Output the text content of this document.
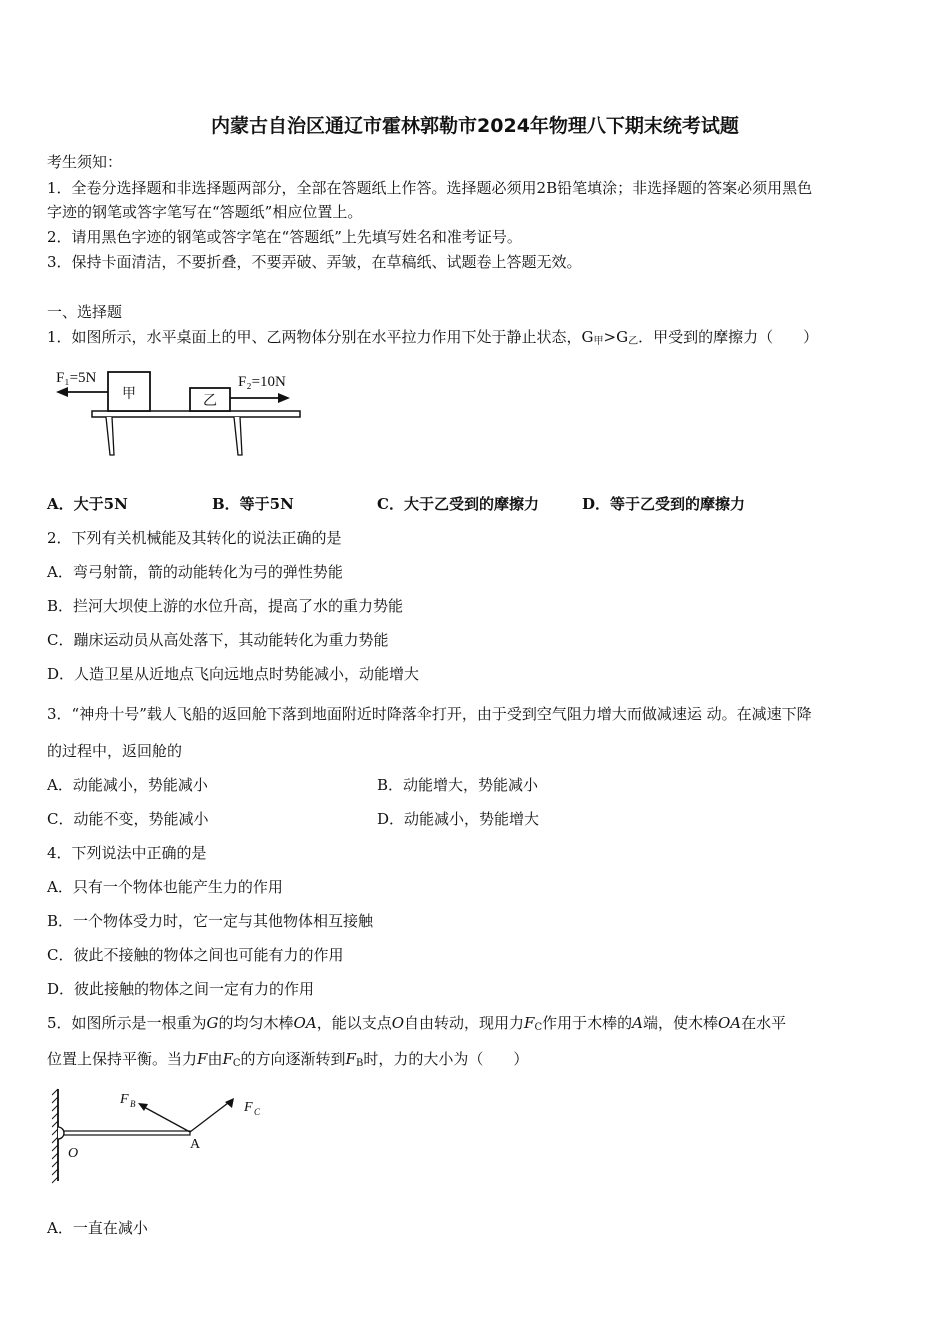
内蒙古自治区通辽市霍林郭勒市2024年物理八下期末统考试题
考生须知：
1．全卷分选择题和非选择题两部分，全部在答题纸上作答。选择题必须用2B铅笔填涂；非选择题的答案必须用黑色
字迹的钢笔或答字笔写在“答题纸”相应位置上。
2．请用黑色字迹的钢笔或答字笔在“答题纸”上先填写姓名和准考证号。
3．保持卡面清洁，不要折叠，不要弄破、弄皱，在草稿纸、试题卷上答题无效。
一、选择题
1．如图所示，水平桌面上的甲、乙两物体分别在水平拉力作用下处于静止状态，$G_甲>G_乙$．甲受到的摩擦力（　　）
甲	乙
F₁=5N	F₂=10N
A．大于5N	B．等于5N	C．大于乙受到的摩擦力	D．等于乙受到的摩擦力
2．下列有关机械能及其转化的说法正确的是
A．弯弓射箭，箭的动能转化为弓的弹性势能
B．拦河大坝使上游的水位升高，提高了水的重力势能
C．蹦床运动员从高处落下，其动能转化为重力势能
D．人造卫星从近地点飞向远地点时势能减小，动能增大
3．“神舟十号”载人飞船的返回舱下落到地面附近时降落伞打开，由于受到空气阻力增大而做减速运 动。在减速下降
的过程中，返回舱的
A．动能减小，势能减小	B．动能增大，势能减小
C．动能不变，势能减小	D．动能减小，势能增大
4．下列说法中正确的是
A．只有一个物体也能产生力的作用
B．一个物体受力时，它一定与其他物体相互接触
C．彼此不接触的物体之间也可能有力的作用
D．彼此接触的物体之间一定有力的作用
5．如图所示是一根重为G的均匀木棒OA，能以支点O自由转动，现用力$F_C$作用于木棒的A端，使木棒OA在水平
位置上保持平衡。当力F由$F_C$的方向逐渐转到$F_B$时，力的大小为（　　）
F B	F C
A
O
A．一直在减小
